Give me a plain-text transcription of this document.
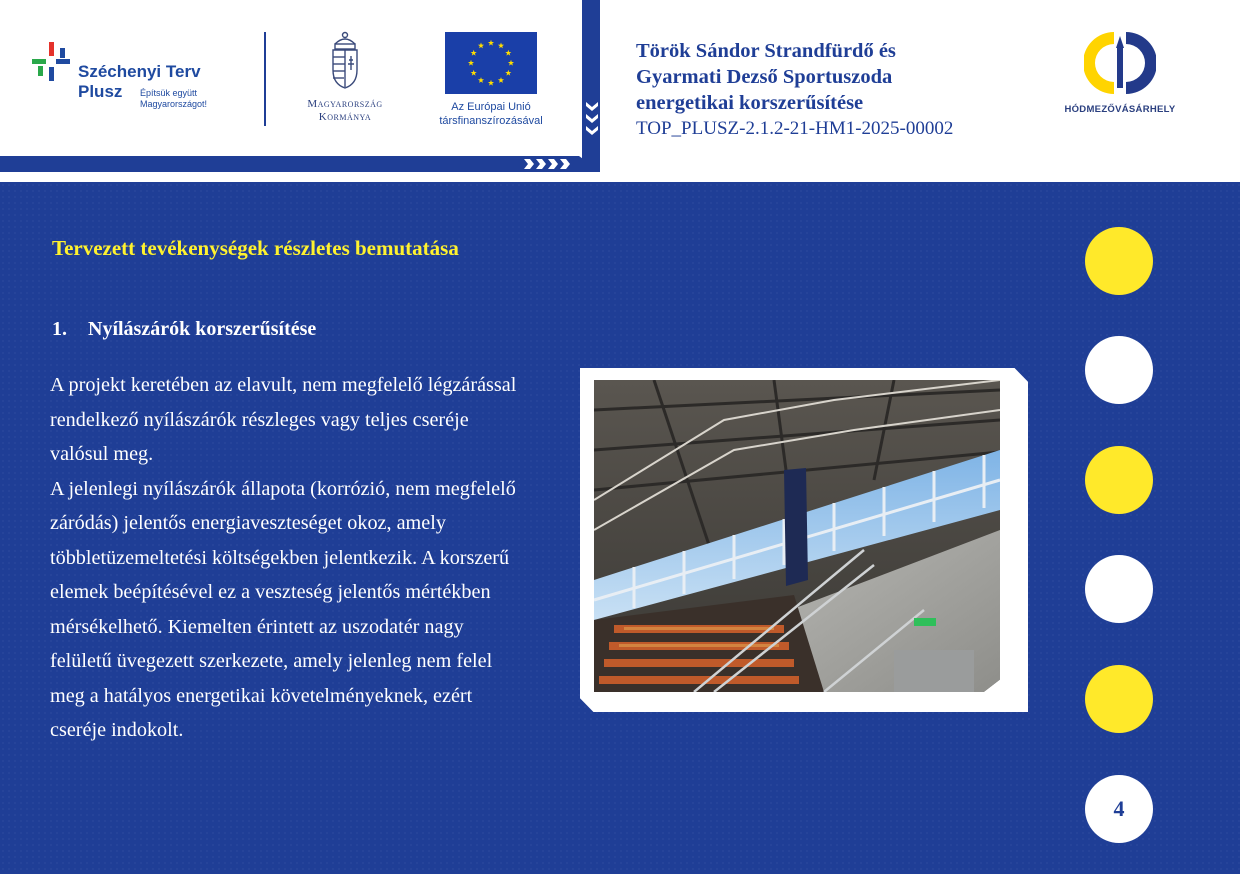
Széchenyi Terv
Plusz Építsük együtt
Magyarországot!	Magyarország
Kormánya
Az Európai Unió
társfinanszírozásával
Török Sándor Strandfürdő és
Gyarmati Dezső Sportuszoda
energetikai korszerűsítése
TOP_PLUSZ-2.1.2-21-HM1-2025-00002
HÓDMEZŐVÁSÁRHELY
Tervezett tevékenységek részletes bemutatása
1. Nyílászárók korszerűsítése

A projekt keretében az elavult, nem megfelelő légzárással rendelkező nyílászárók részleges vagy teljes cseréje valósul meg.

A jelenlegi nyílászárók állapota (korrózió, nem megfelelő záródás) jelentős energiaveszteséget okoz, amely többletüzemeltetési költségekben jelentkezik. A korszerű elemek beépítésével ez a veszteség jelentős mértékben mérsékelhető. Kiemelten érintett az uszodatér nagy felületű üvegezett szerkezete, amely jelenleg nem felel meg a hatályos energetikai követelményeknek, ezért cseréje indokolt.

4
